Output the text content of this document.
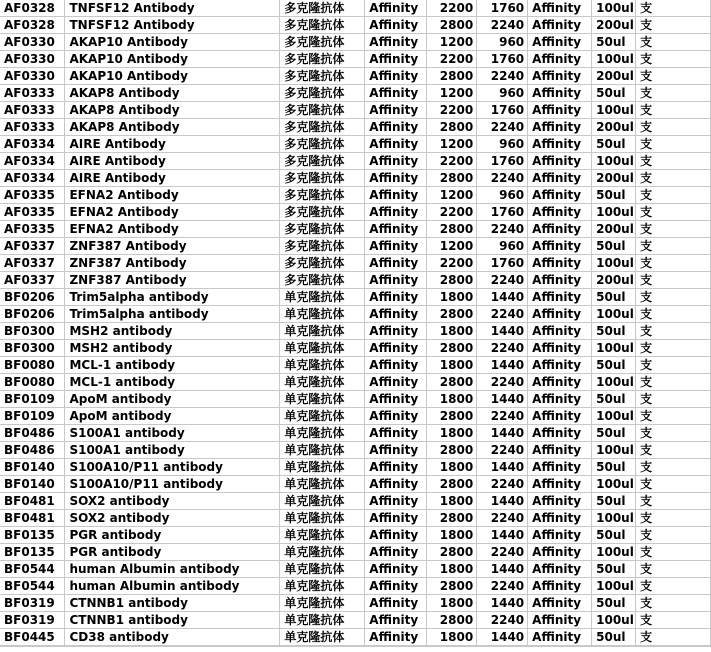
AF0328	TNFSF12 Antibody	多克隆抗体	Affinity	2200	1760	Affinity	100ul	支
AF0328	TNFSF12 Antibody	多克隆抗体	Affinity	2800	2240	Affinity	200ul	支
AF0330	AKAP10 Antibody	多克隆抗体	Affinity	1200	960	Affinity	50ul	支
AF0330	AKAP10 Antibody	多克隆抗体	Affinity	2200	1760	Affinity	100ul	支
AF0330	AKAP10 Antibody	多克隆抗体	Affinity	2800	2240	Affinity	200ul	支
AF0333	AKAP8 Antibody	多克隆抗体	Affinity	1200	960	Affinity	50ul	支
AF0333	AKAP8 Antibody	多克隆抗体	Affinity	2200	1760	Affinity	100ul	支
AF0333	AKAP8 Antibody	多克隆抗体	Affinity	2800	2240	Affinity	200ul	支
AF0334	AIRE Antibody	多克隆抗体	Affinity	1200	960	Affinity	50ul	支
AF0334	AIRE Antibody	多克隆抗体	Affinity	2200	1760	Affinity	100ul	支
AF0334	AIRE Antibody	多克隆抗体	Affinity	2800	2240	Affinity	200ul	支
AF0335	EFNA2 Antibody	多克隆抗体	Affinity	1200	960	Affinity	50ul	支
AF0335	EFNA2 Antibody	多克隆抗体	Affinity	2200	1760	Affinity	100ul	支
AF0335	EFNA2 Antibody	多克隆抗体	Affinity	2800	2240	Affinity	200ul	支
AF0337	ZNF387 Antibody	多克隆抗体	Affinity	1200	960	Affinity	50ul	支
AF0337	ZNF387 Antibody	多克隆抗体	Affinity	2200	1760	Affinity	100ul	支
AF0337	ZNF387 Antibody	多克隆抗体	Affinity	2800	2240	Affinity	200ul	支
BF0206	Trim5alpha antibody	单克隆抗体	Affinity	1800	1440	Affinity	50ul	支
BF0206	Trim5alpha antibody	单克隆抗体	Affinity	2800	2240	Affinity	100ul	支
BF0300	MSH2 antibody	单克隆抗体	Affinity	1800	1440	Affinity	50ul	支
BF0300	MSH2 antibody	单克隆抗体	Affinity	2800	2240	Affinity	100ul	支
BF0080	MCL-1 antibody	单克隆抗体	Affinity	1800	1440	Affinity	50ul	支
BF0080	MCL-1 antibody	单克隆抗体	Affinity	2800	2240	Affinity	100ul	支
BF0109	ApoM antibody	单克隆抗体	Affinity	1800	1440	Affinity	50ul	支
BF0109	ApoM antibody	单克隆抗体	Affinity	2800	2240	Affinity	100ul	支
BF0486	S100A1 antibody	单克隆抗体	Affinity	1800	1440	Affinity	50ul	支
BF0486	S100A1 antibody	单克隆抗体	Affinity	2800	2240	Affinity	100ul	支
BF0140	S100A10/P11 antibody	单克隆抗体	Affinity	1800	1440	Affinity	50ul	支
BF0140	S100A10/P11 antibody	单克隆抗体	Affinity	2800	2240	Affinity	100ul	支
BF0481	SOX2 antibody	单克隆抗体	Affinity	1800	1440	Affinity	50ul	支
BF0481	SOX2 antibody	单克隆抗体	Affinity	2800	2240	Affinity	100ul	支
BF0135	PGR antibody	单克隆抗体	Affinity	1800	1440	Affinity	50ul	支
BF0135	PGR antibody	单克隆抗体	Affinity	2800	2240	Affinity	100ul	支
BF0544	human Albumin antibody	单克隆抗体	Affinity	1800	1440	Affinity	50ul	支
BF0544	human Albumin antibody	单克隆抗体	Affinity	2800	2240	Affinity	100ul	支
BF0319	CTNNB1 antibody	单克隆抗体	Affinity	1800	1440	Affinity	50ul	支
BF0319	CTNNB1 antibody	单克隆抗体	Affinity	2800	2240	Affinity	100ul	支
BF0445	CD38 antibody	单克隆抗体	Affinity	1800	1440	Affinity	50ul	支
